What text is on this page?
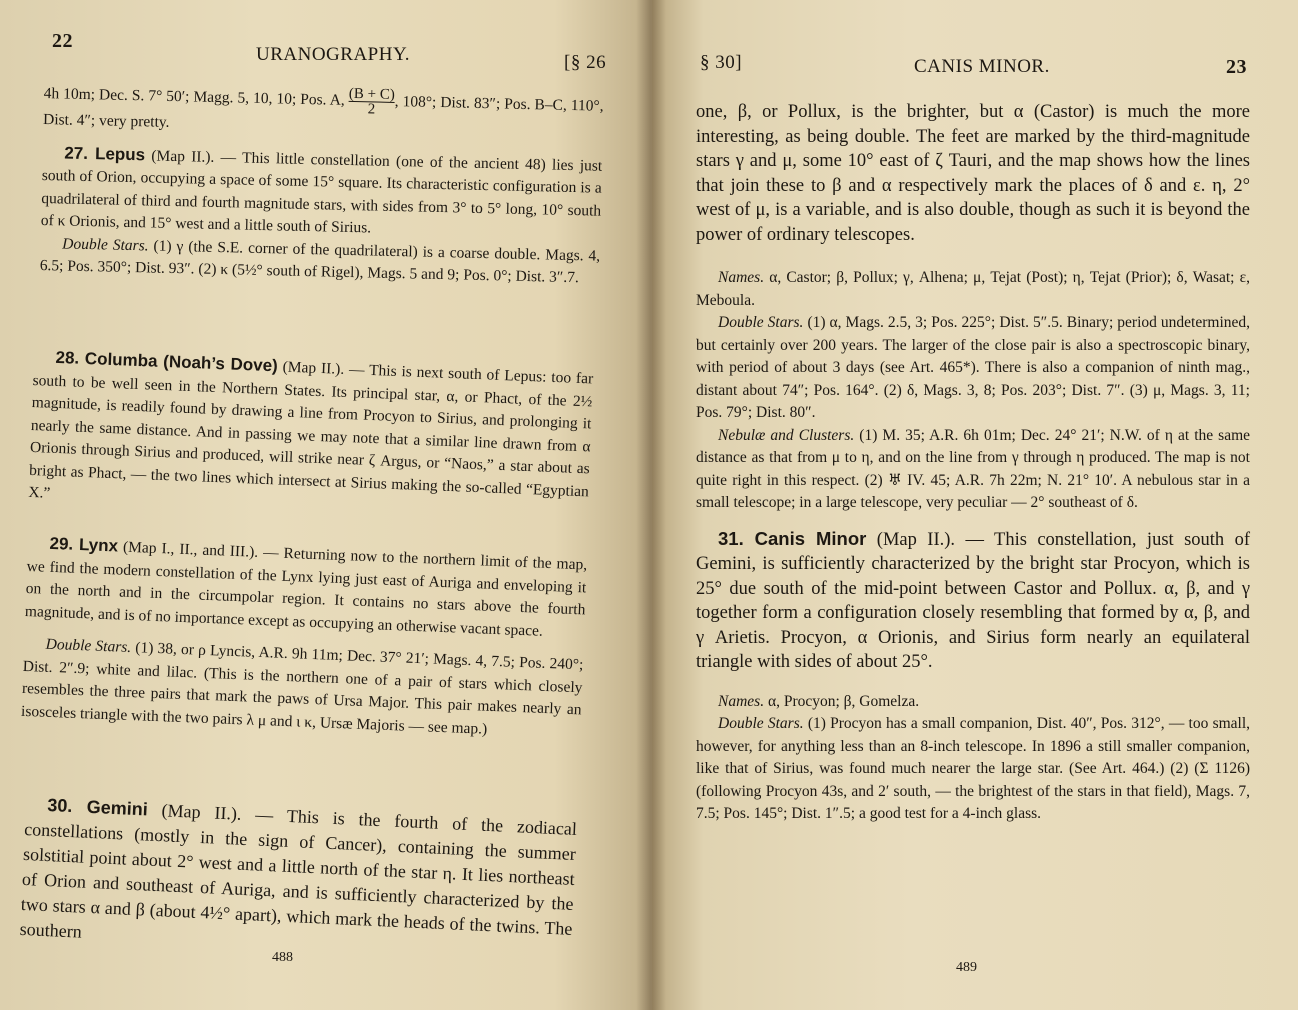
22
URANOGRAPHY.	[§ 26

4h 10m; Dec. S. 7° 50′; Magg. 5, 10, 10; Pos. A, $\frac{(B + C)}{2}$ , 108°; Dist. 83″; Pos. B–C, 110°, Dist. 4″; very pretty.

27. Lepus (Map II.). — This little constellation (one of the ancient 48) lies just south of Orion, occupying a space of some 15° square. Its characteristic configuration is a quadrilateral of third and fourth magnitude stars, with sides from 3° to 5° long, 10° south of κ Orionis, and 15° west and a little south of Sirius.

Double Stars. (1) γ (the S.E. corner of the quadrilateral) is a coarse double. Mags. 4, 6.5; Pos. 350°; Dist. 93″. (2) κ (5½° south of Rigel), Mags. 5 and 9; Pos. 0°; Dist. 3″.7.

28. Columba (Noah’s Dove) (Map II.). — This is next south of Lepus: too far south to be well seen in the Northern States. Its principal star, α, or Phact, of the 2½ magnitude, is readily found by drawing a line from Procyon to Sirius, and prolonging it nearly the same distance. And in passing we may note that a similar line drawn from α Orionis through Sirius and produced, will strike near ζ Argus, or “Naos,” a star about as bright as Phact, — the two lines which intersect at Sirius making the so-called “Egyptian X.”

29. Lynx (Map I., II., and III.). — Returning now to the northern limit of the map, we find the modern constellation of the Lynx lying just east of Auriga and enveloping it on the north and in the circumpolar region. It contains no stars above the fourth magnitude, and is of no importance except as occupying an otherwise vacant space.

Double Stars. (1) 38, or ρ Lyncis, A.R. 9h 11m; Dec. 37° 21′; Mags. 4, 7.5; Pos. 240°; Dist. 2″.9; white and lilac. (This is the northern one of a pair of stars which closely resembles the three pairs that mark the paws of Ursa Major. This pair makes nearly an isosceles triangle with the two pairs λ μ and ι κ, Ursæ Majoris — see map.)

30. Gemini (Map II.). — This is the fourth of the zodiacal constellations (mostly in the sign of Cancer), containing the summer solstitial point about 2° west and a little north of the star η. It lies northeast of Orion and southeast of Auriga, and is sufficiently characterized by the two stars α and β (about 4½° apart), which mark the heads of the twins. The southern

488
§ 30]	CANIS MINOR.	23

one, β, or Pollux, is the brighter, but α (Castor) is much the more interesting, as being double. The feet are marked by the third-magnitude stars γ and μ, some 10° east of ζ Tauri, and the map shows how the lines that join these to β and α respectively mark the places of δ and ε. η, 2° west of μ, is a variable, and is also double, though as such it is beyond the power of ordinary telescopes.

Names. α, Castor; β, Pollux; γ, Alhena; μ, Tejat (Post); η, Tejat (Prior); δ, Wasat; ε, Meboula.

Double Stars. (1) α, Mags. 2.5, 3; Pos. 225°; Dist. 5″.5. Binary; period undetermined, but certainly over 200 years. The larger of the close pair is also a spectroscopic binary, with period of about 3 days (see Art. 465*). There is also a companion of ninth mag., distant about 74″; Pos. 164°. (2) δ, Mags. 3, 8; Pos. 203°; Dist. 7″. (3) μ, Mags. 3, 11; Pos. 79°; Dist. 80″.

Nebulæ and Clusters. (1) M. 35; A.R. 6h 01m; Dec. 24° 21′; N.W. of η at the same distance as that from μ to η, and on the line from γ through η produced. The map is not quite right in this respect. (2) ♅ IV. 45; A.R. 7h 22m; N. 21° 10′. A nebulous star in a small telescope; in a large telescope, very peculiar — 2° southeast of δ.

31. Canis Minor (Map II.). — This constellation, just south of Gemini, is sufficiently characterized by the bright star Procyon, which is 25° due south of the mid-point between Castor and Pollux. α, β, and γ together form a configuration closely resembling that formed by α, β, and γ Arietis. Procyon, α Orionis, and Sirius form nearly an equilateral triangle with sides of about 25°.

Names. α, Procyon; β, Gomelza.

Double Stars. (1) Procyon has a small companion, Dist. 40″, Pos. 312°, — too small, however, for anything less than an 8-inch telescope. In 1896 a still smaller companion, like that of Sirius, was found much nearer the large star. (See Art. 464.) (2) (Σ 1126) (following Procyon 43s, and 2′ south, — the brightest of the stars in that field), Mags. 7, 7.5; Pos. 145°; Dist. 1″.5; a good test for a 4-inch glass.

489
